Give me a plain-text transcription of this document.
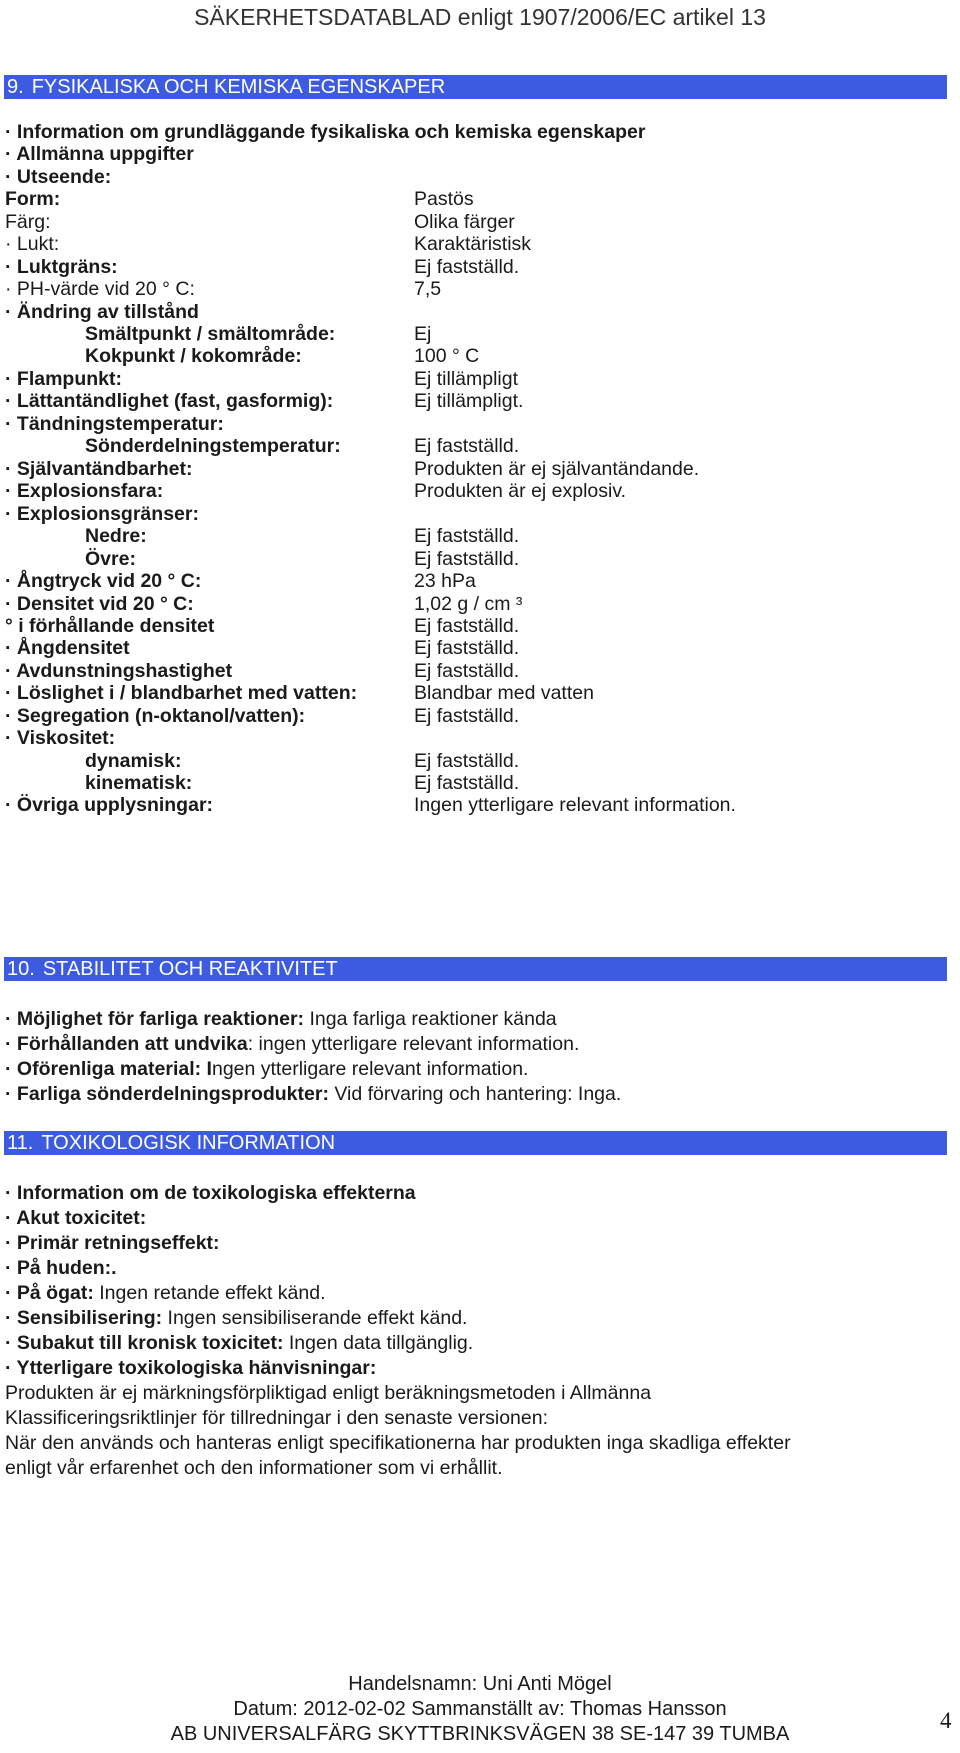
SÄKERHETSDATABLAD enligt 1907/2006/EC artikel 13
9. FYSIKALISKA OCH KEMISKA EGENSKAPER
· Information om grundläggande fysikaliska och kemiska egenskaper
· Allmänna uppgifter
· Utseende:
Form:	Pastös
Färg:	Olika färger
· Lukt:	Karaktäristisk
· Luktgräns:	Ej fastställd.
· PH-värde vid 20 ° C:	7,5
· Ändring av tillstånd
Smältpunkt / smältområde:	Ej
Kokpunkt / kokområde:	100 ° C
· Flampunkt:	Ej tillämpligt
· Lättantändlighet (fast, gasformig):	Ej tillämpligt.
· Tändningstemperatur:
Sönderdelningstemperatur:	Ej fastställd.
· Självantändbarhet:	Produkten är ej självantändande.
· Explosionsfara:	Produkten är ej explosiv.
· Explosionsgränser:
Nedre:	Ej fastställd.
Övre:	Ej fastställd.
· Ångtryck vid 20 ° C:	23 hPa
· Densitet vid 20 ° C:	1,02 g / cm ³
° i förhållande densitet	Ej fastställd.
· Ångdensitet	Ej fastställd.
· Avdunstningshastighet	Ej fastställd.
· Löslighet i / blandbarhet med vatten:	Blandbar med vatten
· Segregation (n-oktanol/vatten):	Ej fastställd.
· Viskositet:
dynamisk:	Ej fastställd.
kinematisk:	Ej fastställd.
· Övriga upplysningar:	Ingen ytterligare relevant information.
10. STABILITET OCH REAKTIVITET
· Möjlighet för farliga reaktioner: Inga farliga reaktioner kända
· Förhållanden att undvika: ingen ytterligare relevant information.
· Oförenliga material: Ingen ytterligare relevant information.
· Farliga sönderdelningsprodukter: Vid förvaring och hantering: Inga.
11. TOXIKOLOGISK INFORMATION
· Information om de toxikologiska effekterna
· Akut toxicitet:
· Primär retningseffekt:
· På huden:.
· På ögat: Ingen retande effekt känd.
· Sensibilisering: Ingen sensibiliserande effekt känd.
· Subakut till kronisk toxicitet: Ingen data tillgänglig.
· Ytterligare toxikologiska hänvisningar:
Produkten är ej märkningsförpliktigad enligt beräkningsmetoden i Allmänna
Klassificeringsriktlinjer för tillredningar i den senaste versionen:
När den används och hanteras enligt specifikationerna har produkten inga skadliga effekter
enligt vår erfarenhet och den informationer som vi erhållit.
Handelsnamn: Uni Anti Mögel
Datum: 2012-02-02 Sammanställt av: Thomas Hansson
AB UNIVERSALFÄRG SKYTTBRINKSVÄGEN 38 SE-147 39 TUMBA
4
